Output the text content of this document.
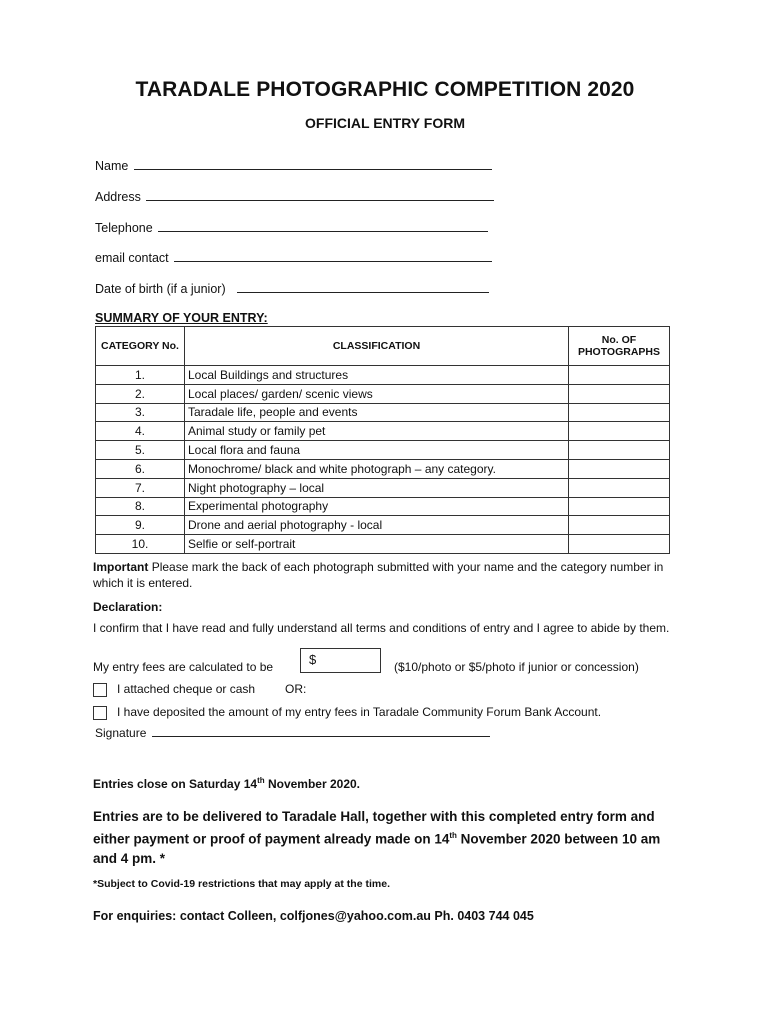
TARADALE PHOTOGRAPHIC COMPETITION 2020
OFFICIAL ENTRY FORM
Name
Address
Telephone
email contact
Date of birth (if a junior)
SUMMARY OF YOUR ENTRY:
CATEGORY No.	CLASSIFICATION	No. OF PHOTOGRAPHS
1.	Local Buildings and structures	
2.	Local places/ garden/ scenic views	
3.	Taradale life, people and events	
4.	Animal study or family pet	
5.	Local flora and fauna	
6.	Monochrome/ black and white photograph – any category.	
7.	Night photography – local	
8.	Experimental photography	
9.	Drone and aerial photography - local	
10.	Selfie or self-portrait	
Important Please mark the back of each photograph submitted with your name and the category number in which it is entered.
Declaration:
I confirm that I have read and fully understand all terms and conditions of entry and I agree to abide by them.
My entry fees are calculated to be	$	($10/photo or $5/photo if junior or concession)
I attached cheque or cash OR:
I have deposited the amount of my entry fees in Taradale Community Forum Bank Account.
Signature
Entries close on Saturday 14th November 2020.
Entries are to be delivered to Taradale Hall, together with this completed entry form and either payment or proof of payment already made on 14th November 2020 between 10 am and 4 pm. *
*Subject to Covid-19 restrictions that may apply at the time.
For enquiries: contact Colleen, colfjones@yahoo.com.au Ph. 0403 744 045
